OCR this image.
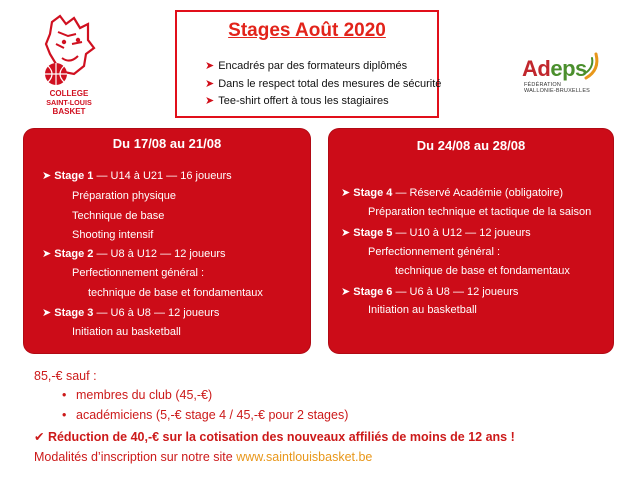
COLLEGE
SAINT-LOUIS
BASKET
Stages Août 2020
➤ Encadrés par des formateurs diplômés
➤ Dans le respect total des mesures de sécurité
➤ Tee-shirt offert à tous les stagiaires
Adeps
FÉDÉRATION
WALLONIE-BRUXELLES
Du 17/08 au 21/08
➤ Stage 1 — U14 à U21 — 16 joueurs
Préparation physique
Technique de base
Shooting intensif
➤ Stage 2 — U8 à U12 — 12 joueurs
Perfectionnement général :
technique de base et fondamentaux
➤ Stage 3 — U6 à U8 — 12 joueurs
Initiation au basketball
Du 24/08 au 28/08
➤ Stage 4 — Réservé Académie (obligatoire)
Préparation technique et tactique de la saison
➤ Stage 5 — U10 à U12 — 12 joueurs
Perfectionnement général :
technique de base et fondamentaux
➤ Stage 6 — U6 à U8 — 12 joueurs
Initiation au basketball
85,-€ sauf :
• membres du club (45,-€)
• académiciens (5,-€ stage 4 / 45,-€ pour 2 stages)
✔ Réduction de 40,-€ sur la cotisation des nouveaux affiliés de moins de 12 ans !
Modalités d’inscription sur notre site www.saintlouisbasket.be
